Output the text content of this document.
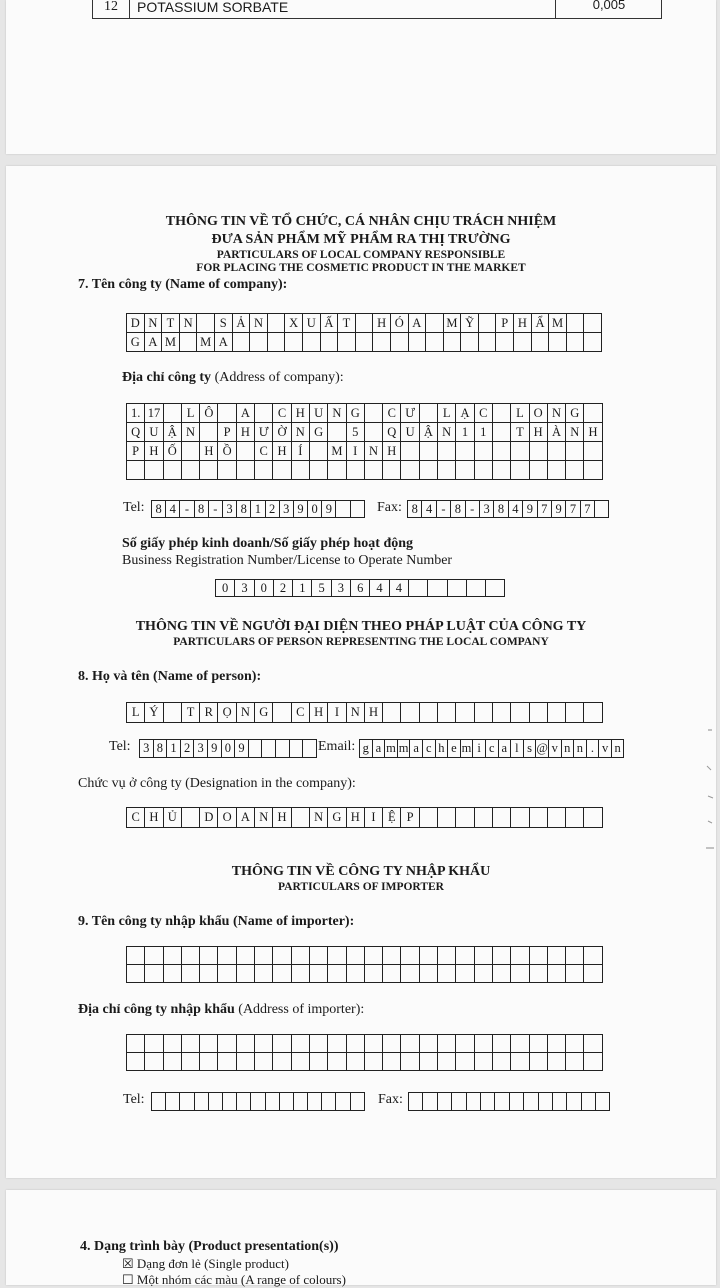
12	POTASSIUM SORBATE	0,005
THÔNG TIN VỀ TỔ CHỨC, CÁ NHÂN CHỊU TRÁCH NHIỆM
ĐƯA SẢN PHẨM MỸ PHẨM RA THỊ TRƯỜNG
PARTICULARS OF LOCAL COMPANY RESPONSIBLE
FOR PLACING THE COSMETIC PRODUCT IN THE MARKET
7. Tên công ty (Name of company):
D N T N	S Ả N	X U Ấ T	H Ó A	M Ỹ	P H Ẩ M
G A M M A
Địa chỉ công ty (Address of company):
1. 17	L Ô	A	C H U N G	C Ư	L Ạ C	L O N G
Q U Ậ N	P H Ư Ờ N G	5	Q U Ậ N 1 1	T H À N H
P H Ố	H Ồ	C H Í	M I N H
Tel: 8 4 - 8 - 3 8 1 2 3 9 0 9	Fax: 8 4 - 8 - 3 8 4 9 7 9 7 7
Số giấy phép kinh doanh/Số giấy phép hoạt động
Business Registration Number/License to Operate Number
0	3	0	2	1	5	3	6	4	4
THÔNG TIN VỀ NGƯỜI ĐẠI DIỆN THEO PHÁP LUẬT CỦA CÔNG TY
PARTICULARS OF PERSON REPRESENTING THE LOCAL COMPANY
8. Họ và tên (Name of person):
L Ý	T R Ọ N G	C H I N H
Tel: 3 8 1 2 3 9 0 9	Email: g a m m a c h e m i c a l s @ v n n . v n
Chức vụ ở công ty (Designation in the company):
C H Ủ	D O A N H	N G H I Ệ P
THÔNG TIN VỀ CÔNG TY NHẬP KHẨU
PARTICULARS OF IMPORTER
9. Tên công ty nhập khẩu (Name of importer):
Địa chỉ công ty nhập khẩu (Address of importer):
Tel:	Fax:
4. Dạng trình bày (Product presentation(s))
☒ Dạng đơn lẻ (Single product)
☐ Một nhóm các màu (A range of colours)
